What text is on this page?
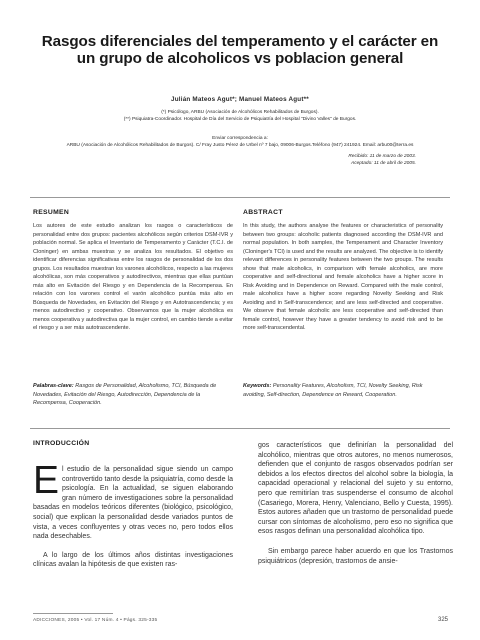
Rasgos diferenciales del temperamento y el carácter en un grupo de alcoholicos vs poblacion general
Julián Mateos Agut*; Manuel Mateos Agut**
(*) Psicólogo, ARBU (Asociación de Alcohólicos Rehabilitados de Burgos).
(**) Psiquiatra-Coordinador. Hospital de Día del Servicio de Psiquiatría del Hospital "Divino Valles" de Burgos.
Enviar correspondencia a:
ARBU (Asociación de Alcohólicos Rehabilitados de Burgos). C/ Fray Justo Pérez de Urbel nº 7 bajo, 09006-Burgos.Teléfono (947) 241924. Email: arbu00@terra.es
Recibido: 11 de marzo de 2003.
Aceptado: 11 de abril de 2005.
RESUMEN	ABSTRACT
Los autores de este estudio analizan los rasgos o característicos de personalidad entre dos grupos: pacientes alcohólicos según criterios DSM-IVR y población normal. Se aplica el Inventario de Temperamento y Carácter (T.C.I. de Cloninger) en ambas muestras y se analiza los resultados. El objetivo es identificar diferencias significativas entre los rasgos de personalidad de los dos grupos. Los resultados muestran los varones alcohólicos, respecto a las mujeres alcohólicas, son más cooperativos y autodirectivos, mientras que ellas puntúan más alto en Evitación del Riesgo y en Dependencia de la Recompensa. En relación con los varones control el varón alcohólico puntúa más alto en Búsqueda de Novedades, en Evitación del Riesgo y en Autotrascendencia; y es menos autodirectivo y cooperativo. Observamos que la mujer alcohólica es menos cooperativa y autodirectiva que la mujer control, en cambio tiende a evitar el riesgo y a ser más autotrascendente.
In this study, the authors analyse the features or characteristics of personality between two groups: alcoholic patients diagnosed according the DSM-IVR and normal population. In both samples, the Temperament and Character Inventory (Cloninger's TCI) is used and the results are analyzed. The objective is to identify relevant differences in personality features between the two groups. The results show that male alcoholics, in comparison with female alcoholics, are more cooperative and self-directional and female alcoholics have a higher score in Risk Avoiding and in Dependence on Reward. Compared with the male control, male alcoholics have a higher score regarding Novelty Seeking and Risk Avoiding and in Self-transcendence; and are less self-directed and cooperative. We observe that female alcoholic are less cooperative and self-directed than female control, however they have a greater tendency to avoid risk and to be more self-transcendental.
Palabras-clave: Rasgos de Personalidad, Alcoholismo, TCI, Búsqueda de Novedades, Evitación del Riesgo, Autodirección, Dependencia de la Recompensa, Cooperación.
Keywords: Personality Features, Alcoholism, TCI, Novelty Seeking, Risk avoiding, Self-direction, Dependence on Reward, Cooperation.
INTRODUCCIÓN

El estudio de la personalidad sigue siendo un campo controvertido tanto desde la psiquiatría, como desde la psicología. En la actualidad, se siguen elaborando gran número de investigaciones sobre la personalidad basadas en modelos teóricos diferentes (biológico, psicológico, social) que explican la personalidad desde variados puntos de vista, a veces confluyentes y otras veces no, pero todos ellos nada desechables.

A lo largo de los últimos años distintas investigaciones clínicas avalan la hipótesis de que existen ras-

gos característicos que definirían la personalidad del alcohólico, mientras que otros autores, no menos numerosos, defienden que el conjunto de rasgos observados podrían ser debidos a los efectos directos del alcohol sobre la biología, la capacidad operacional y relacional del sujeto y su entorno, pero que remitirían tras suspenderse el consumo de alcohol (Casariego, Morera, Henry, Valenciano, Bello y Cuesta, 1995). Estos autores añaden que un trastorno de personalidad puede cursar con síntomas de alcoholismo, pero eso no significa que esos rasgos definan una personalidad alcohólica tipo.

Sin embargo parece haber acuerdo en que los Trastornos psiquiátricos (depresión, trastornos de ansie-

ADICCIONES, 2005 • Vol. 17 Núm. 4 • Págs. 325-335	325
